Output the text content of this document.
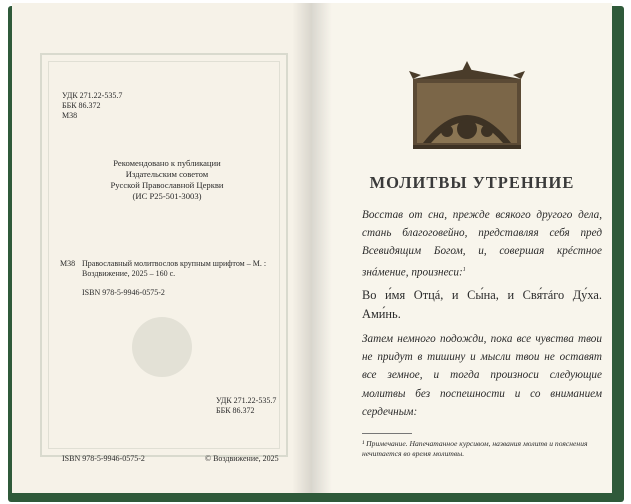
УДК 271.22-535.7
ББК 86.372
М38
Рекомендовано к публикации
Издательским советом
Русской Православной Церкви
(ИС Р25-501-3003)
М38 Православный молитвослов крупным шрифтом – М. : Воздвижение, 2025 – 160 с.
ISBN 978-5-9946-0575-2
УДК 271.22-535.7
ББК 86.372
ISBN 978-5-9946-0575-2	© Воздвижение, 2025
МОЛИТВЫ УТРЕННИЕ
Восстав от сна, прежде всякого другого дела, стань благоговейно, представляя себя пред Всевидящим Богом, и, совершая крéстное знáмение, произнеси:$^1$
Во и́мя Отцá, и Сы́на, и Свя́тáго Ду́ха. Ами́нь.
Затем немного подожди, пока все чувства твои не придут в тишину и мысли твои не оставят все земное, и тогда произноси следующие молитвы без поспешности и со вниманием сердечным:
¹ Примечание. Напечатанное курсивом, названия молитв и пояснения нечитается во время молитвы.
